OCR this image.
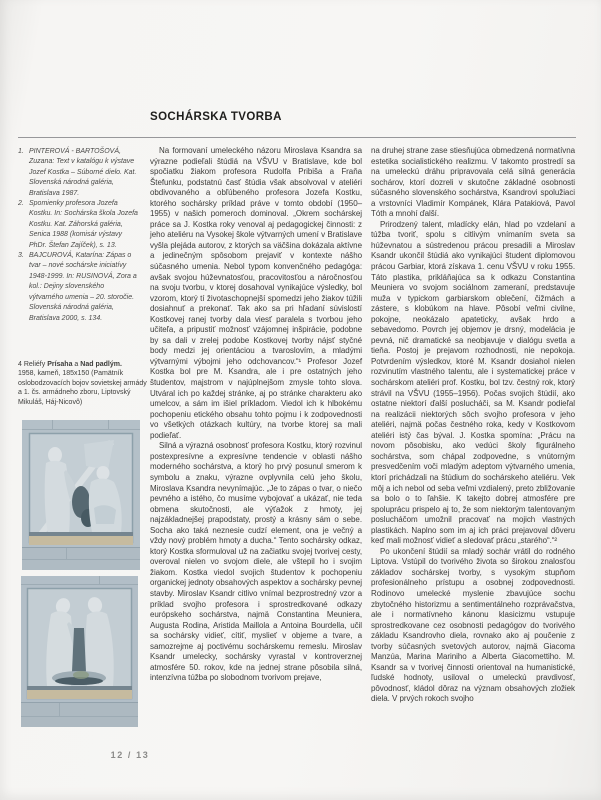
SOCHÁRSKA TVORBA
1. PINTEROVÁ - BARTOŠOVÁ, Zuzana: Text v katalógu k výstave Jozef Kostka – Súborné dielo. Kat. Slovenská národná galéria, Bratislava 1987.
2. Spomienky profesora Jozefa Kostku. In: Sochárska škola Jozefa Kostku. Kat. Záhorská galéria, Senica 1988 (komisár výstavy PhDr. Štefan Zajíček), s. 13.
3. BAJCUROVÁ, Katarína: Zápas o tvar – nové sochárske iniciatívy 1948-1999. In: RUSINOVÁ, Zora a kol.: Dejiny slovenského výtvarného umenia – 20. storočie. Slovenská národná galéria, Bratislava 2000, s. 134.
4 Reliéfy Prísaha a Nad padlým.
1958, kameň, 185x150 (Pamätník oslobodzovacích bojov sovietskej armády a 1. čs. armádneho zboru, Liptovský Mikuláš, Háj-Nicovô)

Na formovaní umeleckého názoru Miroslava Ksandra sa výrazne podieľali štúdiá na VŠVU v Bratislave, kde bol spočiatku žiakom profesora Rudolfa Pribiša a Fraňa Štefunku, podstatnú časť štúdia však absolvoval v ateliéri obdivovaného a obľúbeného profesora Jozefa Kostku, ktorého sochársky príklad práve v tomto období (1950–1955) v našich pomeroch dominoval. „Okrem sochárskej práce sa J. Kostka roky venoval aj pedagogickej činnosti: z jeho ateliéru na Vysokej škole výtvarných umení v Bratislave vyšla plejáda autorov, z ktorých sa väčšina dokázala aktívne a jedinečným spôsobom prejaviť v kontexte nášho súčasného umenia. Nebol typom konvenčného pedagóga: avšak svojou húževnatosťou, pracovitosťou a náročnosťou na svoju tvorbu, v ktorej dosahoval vynikajúce výsledky, bol vzorom, ktorý tí životaschopnejší spomedzi jeho žiakov túžili dosiahnuť a prekonať. Tak ako sa pri hľadaní súvislostí Kostkovej ranej tvorby dala viesť paralela s tvorbou jeho učiteľa, a pripustiť možnosť vzájomnej inšpirácie, podobne by sa dali v zrelej podobe Kostkovej tvorby nájsť styčné body medzi jej orientáciou a tvaroslovím, a mladými výtvarnými výbojmi jeho odchovancov.“¹ Profesor Jozef Kostka bol pre M. Ksandra, ale i pre ostatných jeho študentov, majstrom v najúplnejšom zmysle tohto slova. Utváral ich po každej stránke, aj po stránke charakteru ako umelcov, a sám im išiel príkladom. Viedol ich k hlbokému pochopeniu etického obsahu tohto pojmu i k zodpovednosti vo všetkých otázkach kultúry, na tvorbe ktorej sa mali podieľať.

Silná a výrazná osobnosť profesora Kostku, ktorý rozvinul postexpresívne a expresívne tendencie v oblasti nášho moderného sochárstva, a ktorý ho prvý posunul smerom k symbolu a znaku, výrazne ovplyvnila celú jeho školu, Miroslava Ksandra nevynímajúc. „Je to zápas o tvar, o niečo pevného a istého, čo musíme vybojovať a ukázať, nie teda obmena skutočnosti, ale výťažok z hmoty, jej najzákladnejšej prapodstaty, prostý a krásny sám o sebe. Socha ako taká neznesie cudzí element, ona je večný a vždy nový problém hmoty a ducha.“ Tento sochársky odkaz, ktorý Kostka sformuloval už na začiatku svojej tvorivej cesty, overoval nielen vo svojom diele, ale vštepil ho i svojim žiakom. Kostka viedol svojich študentov k pochopeniu organickej jednoty obsahových aspektov a sochársky pevnej stavby. Miroslav Ksandr citlivo vnímal bezprostredný vzor a príklad svojho profesora i sprostredkované odkazy európskeho sochárstva, najmä Constantina Meuniera, Augusta Rodina, Aristida Maillola a Antoina Bourdella, učil sa sochársky vidieť, cítiť, myslieť v objeme a tvare, a samozrejme aj poctivému sochárskemu remeslu. Miroslav Ksandr umelecky, sochársky vyrastal v kontroverznej atmosfére 50. rokov, kde na jednej strane pôsobila silná, intenzívna túžba po slobodnom tvorivom prejave,

na druhej strane zase stiesňujúca obmedzená normatívna estetika socialistického realizmu. V takomto prostredí sa na umeleckú dráhu pripravovala celá silná generácia sochárov, ktorí dozreli v skutočne základné osobnosti súčasného slovenského sochárstva, Ksandrovi spolužiaci a vrstovníci Vladimír Kompánek, Klára Patakiová, Pavol Tóth a mnohí ďalší.

Prirodzený talent, mladícky elán, hlad po vzdelaní a túžba tvoriť, spolu s citlivým vnímaním sveta sa húževnatou a sústredenou prácou presadili a Miroslav Ksandr ukončil štúdiá ako vynikajúci študent diplomovou prácou Garbiar, ktorá získava 1. cenu VŠVU v roku 1955. Táto plastika, prikláňajúca sa k odkazu Constantina Meuniera vo svojom sociálnom zameraní, predstavuje muža v typickom garbiarskom oblečení, čižmách a zástere, s klobúkom na hlave. Pôsobí veľmi civilne, pokojne, neokázalo apateticky, avšak hrdo a sebavedomo. Povrch jej objemov je drsný, modelácia je pevná, nič dramatické sa neobjavuje v dialógu svetla a tieňa. Postoj je prejavom rozhodnosti, nie nepokoja. Potvrdením výsledkov, ktoré M. Ksandr dosiahol nielen rozvinutím vlastného talentu, ale i systematickej práce v sochárskom ateliéri prof. Kostku, bol tzv. čestný rok, ktorý strávil na VŠVU (1955–1956). Počas svojich štúdií, ako ostatne niektorí ďalší poslucháči, sa M. Ksandr podieľal na realizácii niektorých sôch svojho profesora v jeho ateliéri, najmä počas čestného roka, kedy v Kostkovom ateliéri istý čas býval. J. Kostka spomína: „Prácu na novom pôsobisku, ako vedúci školy figurálneho sochárstva, som chápal zodpovedne, s vnútorným presvedčením voči mladým adeptom výtvarného umenia, ktorí prichádzali na štúdium do sochárskeho ateliéru. Vek môj a ich nebol od seba veľmi vzdialený, preto zbližovanie sa bolo o to ľahšie. K takejto dobrej atmosfére pre spoluprácu prispelo aj to, že som niektorým talentovaným poslucháčom umožnil pracovať na mojich vlastných plastikách. Naplno som im aj ich práci prejavoval dôveru keď mali možnosť vidieť a sledovať prácu „starého“.“²

Po ukončení štúdií sa mladý sochár vrátil do rodného Liptova. Vstúpil do tvorivého života so širokou znalosťou základov sochárskej tvorby, s vysokým stupňom profesionálneho prístupu a osobnej zodpovednosti. Rodinovo umelecké myslenie zbavujúce sochu zbytočného historizmu a sentimentálneho rozprávačstva, ale i normatívneho kánonu klasicizmu vstupuje sprostredkovane cez osobnosti pedagógov do tvorivého základu Ksandrovho diela, rovnako ako aj poučenie z tvorby súčasných svetových autorov, najmä Giacoma Manzúa, Marina Mariniho a Alberta Giacomettiho. M. Ksandr sa v tvorivej činnosti orientoval na humanistické, ľudské hodnoty, usiloval o umeleckú pravdivosť, pôvodnosť, kládol dôraz na význam obsahových zložiek diela. V prvých rokoch svojho

12 / 13
